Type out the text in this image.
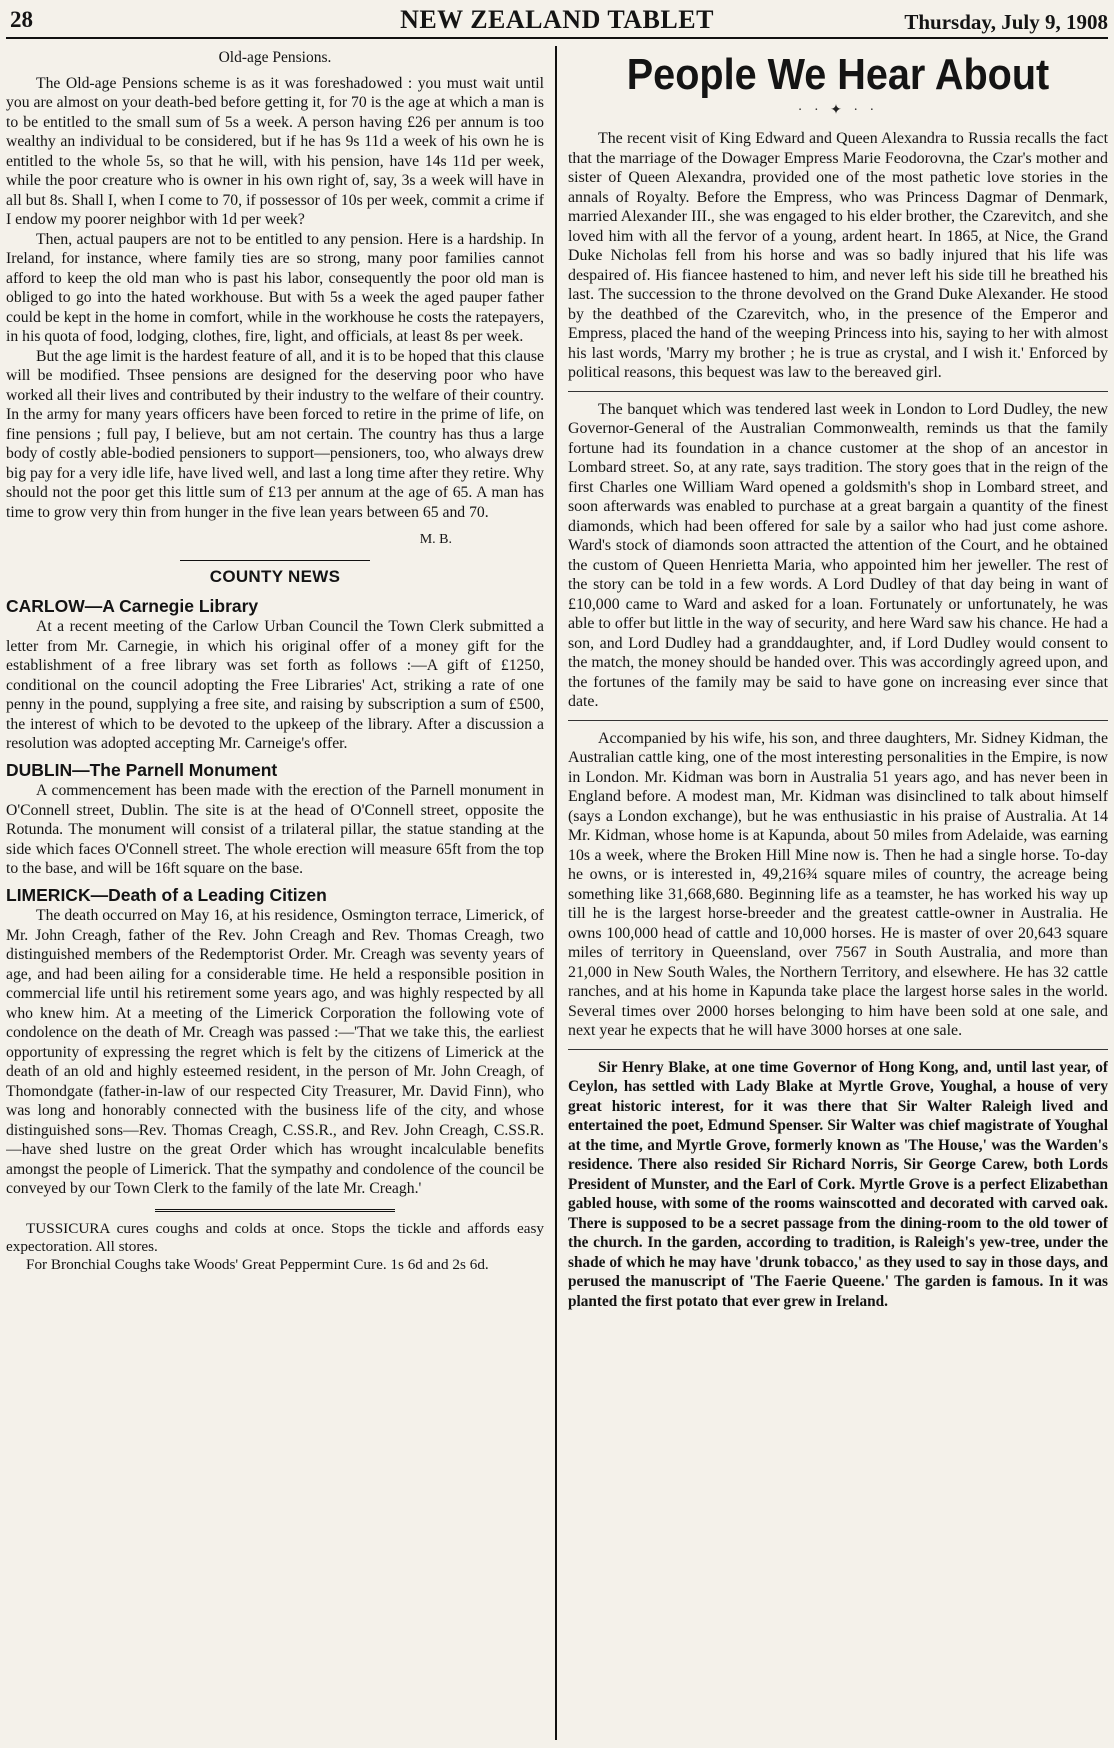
28	NEW ZEALAND TABLET	Thursday, July 9, 1908

Old-age Pensions.

The Old-age Pensions scheme is as it was foreshadowed : you must wait until you are almost on your death-bed before getting it, for 70 is the age at which a man is to be entitled to the small sum of 5s a week. A person having £26 per annum is too wealthy an individual to be considered, but if he has 9s 11d a week of his own he is entitled to the whole 5s, so that he will, with his pension, have 14s 11d per week, while the poor creature who is owner in his own right of, say, 3s a week will have in all but 8s. Shall I, when I come to 70, if possessor of 10s per week, commit a crime if I endow my poorer neighbor with 1d per week?

Then, actual paupers are not to be entitled to any pension. Here is a hardship. In Ireland, for instance, where family ties are so strong, many poor families cannot afford to keep the old man who is past his labor, consequently the poor old man is obliged to go into the hated workhouse. But with 5s a week the aged pauper father could be kept in the home in comfort, while in the workhouse he costs the ratepayers, in his quota of food, lodging, clothes, fire, light, and officials, at least 8s per week.

But the age limit is the hardest feature of all, and it is to be hoped that this clause will be modified. Thsee pensions are designed for the deserving poor who have worked all their lives and contributed by their industry to the welfare of their country. In the army for many years officers have been forced to retire in the prime of life, on fine pensions ; full pay, I believe, but am not certain. The country has thus a large body of costly able-bodied pensioners to support—pensioners, too, who always drew big pay for a very idle life, have lived well, and last a long time after they retire. Why should not the poor get this little sum of £13 per annum at the age of 65. A man has time to grow very thin from hunger in the five lean years between 65 and 70.

M. B.

COUNTY NEWS

CARLOW—A Carnegie Library

At a recent meeting of the Carlow Urban Council the Town Clerk submitted a letter from Mr. Carnegie, in which his original offer of a money gift for the establishment of a free library was set forth as follows :—A gift of £1250, conditional on the council adopting the Free Libraries' Act, striking a rate of one penny in the pound, supplying a free site, and raising by subscription a sum of £500, the interest of which to be devoted to the upkeep of the library. After a discussion a resolution was adopted accepting Mr. Carneige's offer.

DUBLIN—The Parnell Monument

A commencement has been made with the erection of the Parnell monument in O'Connell street, Dublin. The site is at the head of O'Connell street, opposite the Rotunda. The monument will consist of a trilateral pillar, the statue standing at the side which faces O'Connell street. The whole erection will measure 65ft from the top to the base, and will be 16ft square on the base.

LIMERICK—Death of a Leading Citizen

The death occurred on May 16, at his residence, Osmington terrace, Limerick, of Mr. John Creagh, father of the Rev. John Creagh and Rev. Thomas Creagh, two distinguished members of the Redemptorist Order. Mr. Creagh was seventy years of age, and had been ailing for a considerable time. He held a responsible position in commercial life until his retirement some years ago, and was highly respected by all who knew him. At a meeting of the Limerick Corporation the following vote of condolence on the death of Mr. Creagh was passed :—'That we take this, the earliest opportunity of expressing the regret which is felt by the citizens of Limerick at the death of an old and highly esteemed resident, in the person of Mr. John Creagh, of Thomondgate (father-in-law of our respected City Treasurer, Mr. David Finn), who was long and honorably connected with the business life of the city, and whose distinguished sons—Rev. Thomas Creagh, C.SS.R., and Rev. John Creagh, C.SS.R.—have shed lustre on the great Order which has wrought incalculable benefits amongst the people of Limerick. That the sympathy and condolence of the council be conveyed by our Town Clerk to the family of the late Mr. Creagh.'

TUSSICURA cures coughs and colds at once. Stops the tickle and affords easy expectoration. All stores.

For Bronchial Coughs take Woods' Great Peppermint Cure. 1s 6d and 2s 6d.

People We Hear About
· · ✦ · ·

The recent visit of King Edward and Queen Alexandra to Russia recalls the fact that the marriage of the Dowager Empress Marie Feodorovna, the Czar's mother and sister of Queen Alexandra, provided one of the most pathetic love stories in the annals of Royalty. Before the Empress, who was Princess Dagmar of Denmark, married Alexander III., she was engaged to his elder brother, the Czarevitch, and she loved him with all the fervor of a young, ardent heart. In 1865, at Nice, the Grand Duke Nicholas fell from his horse and was so badly injured that his life was despaired of. His fiancee hastened to him, and never left his side till he breathed his last. The succession to the throne devolved on the Grand Duke Alexander. He stood by the deathbed of the Czarevitch, who, in the presence of the Emperor and Empress, placed the hand of the weeping Princess into his, saying to her with almost his last words, 'Marry my brother ; he is true as crystal, and I wish it.' Enforced by political reasons, this bequest was law to the bereaved girl.

The banquet which was tendered last week in London to Lord Dudley, the new Governor-General of the Australian Commonwealth, reminds us that the family fortune had its foundation in a chance customer at the shop of an ancestor in Lombard street. So, at any rate, says tradition. The story goes that in the reign of the first Charles one William Ward opened a goldsmith's shop in Lombard street, and soon afterwards was enabled to purchase at a great bargain a quantity of the finest diamonds, which had been offered for sale by a sailor who had just come ashore. Ward's stock of diamonds soon attracted the attention of the Court, and he obtained the custom of Queen Henrietta Maria, who appointed him her jeweller. The rest of the story can be told in a few words. A Lord Dudley of that day being in want of £10,000 came to Ward and asked for a loan. Fortunately or unfortunately, he was able to offer but little in the way of security, and here Ward saw his chance. He had a son, and Lord Dudley had a granddaughter, and, if Lord Dudley would consent to the match, the money should be handed over. This was accordingly agreed upon, and the fortunes of the family may be said to have gone on increasing ever since that date.

Accompanied by his wife, his son, and three daughters, Mr. Sidney Kidman, the Australian cattle king, one of the most interesting personalities in the Empire, is now in London. Mr. Kidman was born in Australia 51 years ago, and has never been in England before. A modest man, Mr. Kidman was disinclined to talk about himself (says a London exchange), but he was enthusiastic in his praise of Australia. At 14 Mr. Kidman, whose home is at Kapunda, about 50 miles from Adelaide, was earning 10s a week, where the Broken Hill Mine now is. Then he had a single horse. To-day he owns, or is interested in, 49,216¾ square miles of country, the acreage being something like 31,668,680. Beginning life as a teamster, he has worked his way up till he is the largest horse-breeder and the greatest cattle-owner in Australia. He owns 100,000 head of cattle and 10,000 horses. He is master of over 20,643 square miles of territory in Queensland, over 7567 in South Australia, and more than 21,000 in New South Wales, the Northern Territory, and elsewhere. He has 32 cattle ranches, and at his home in Kapunda take place the largest horse sales in the world. Several times over 2000 horses belonging to him have been sold at one sale, and next year he expects that he will have 3000 horses at one sale.

Sir Henry Blake, at one time Governor of Hong Kong, and, until last year, of Ceylon, has settled with Lady Blake at Myrtle Grove, Youghal, a house of very great historic interest, for it was there that Sir Walter Raleigh lived and entertained the poet, Edmund Spenser. Sir Walter was chief magistrate of Youghal at the time, and Myrtle Grove, formerly known as 'The House,' was the Warden's residence. There also resided Sir Richard Norris, Sir George Carew, both Lords President of Munster, and the Earl of Cork. Myrtle Grove is a perfect Elizabethan gabled house, with some of the rooms wainscotted and decorated with carved oak. There is supposed to be a secret passage from the dining-room to the old tower of the church. In the garden, according to tradition, is Raleigh's yew-tree, under the shade of which he may have 'drunk tobacco,' as they used to say in those days, and perused the manuscript of 'The Faerie Queene.' The garden is famous. In it was planted the first potato that ever grew in Ireland.
